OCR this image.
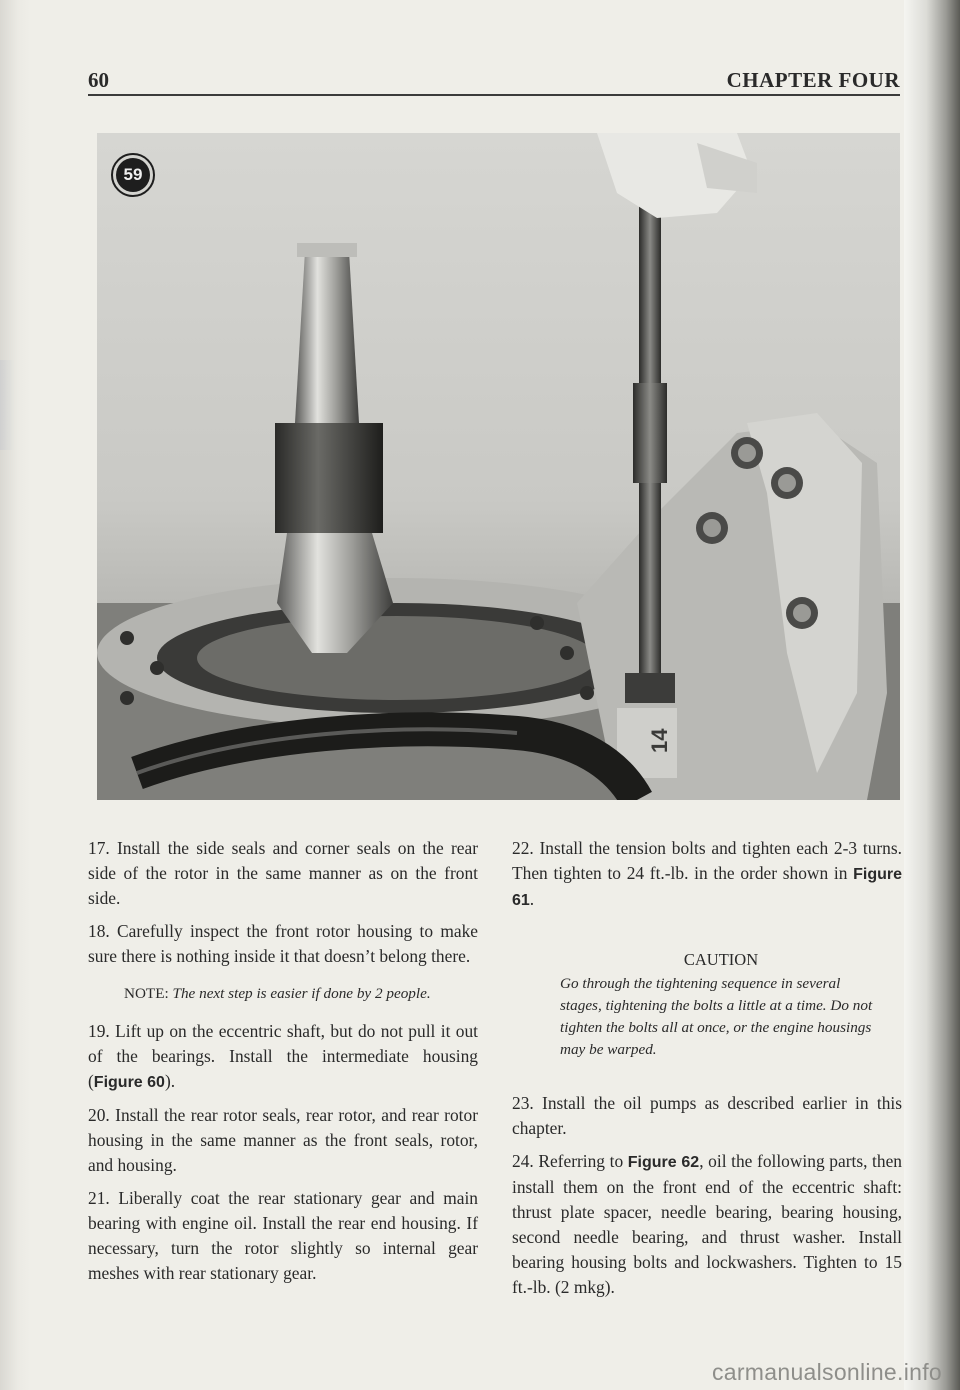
60	CHAPTER FOUR
14
59

17. Install the side seals and corner seals on the rear side of the rotor in the same manner as on the front side.

18. Carefully inspect the front rotor housing to make sure there is nothing inside it that doesn’t belong there.

NOTE: The next step is easier if done by 2 people.

19. Lift up on the eccentric shaft, but do not pull it out of the bearings. Install the intermediate housing (Figure 60).

20. Install the rear rotor seals, rear rotor, and rear rotor housing in the same manner as the front seals, rotor, and housing.

21. Liberally coat the rear stationary gear and main bearing with engine oil. Install the rear end housing. If necessary, turn the rotor slightly so internal gear meshes with rear stationary gear.

22. Install the tension bolts and tighten each 2-3 turns. Then tighten to 24 ft.-lb. in the order shown in Figure 61.

CAUTION
Go through the tightening sequence in several stages, tightening the bolts a little at a time. Do not tighten the bolts all at once, or the engine housings may be warped.

23. Install the oil pumps as described earlier in this chapter.

24. Referring to Figure 62, oil the following parts, then install them on the front end of the eccentric shaft: thrust plate spacer, needle bearing, bearing housing, second needle bearing, and thrust washer. Install bearing housing bolts and lockwashers. Tighten to 15 ft.-lb. (2 mkg).

carmanualsonline.info
